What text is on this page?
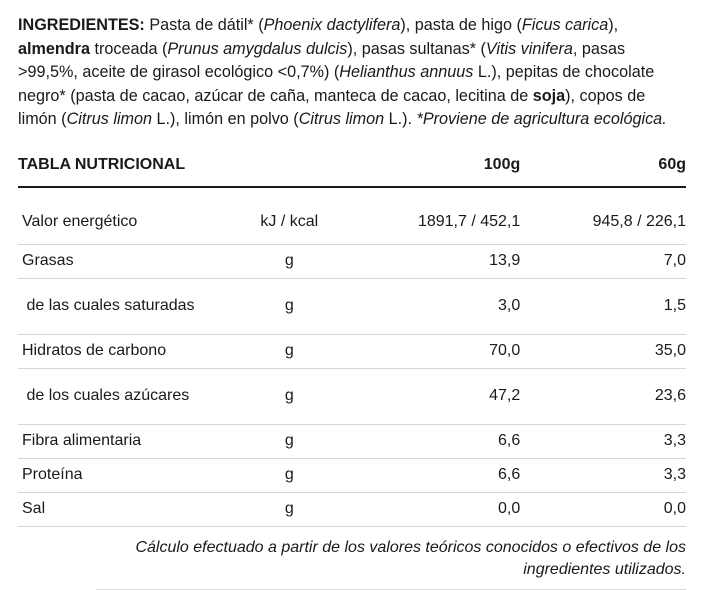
INGREDIENTES: Pasta de dátil* (Phoenix dactylifera), pasta de higo (Ficus carica), almendra troceada (Prunus amygdalus dulcis), pasas sultanas* (Vitis vinifera, pasas >99,5%, aceite de girasol ecológico <0,7%) (Helianthus annuus L.), pepitas de chocolate negro* (pasta de cacao, azúcar de caña, manteca de cacao, lecitina de soja), copos de limón (Citrus limon L.), limón en polvo (Citrus limon L.). *Proviene de agricultura ecológica.

TABLA NUTRICIONAL		100g	60g
Valor energético	kJ / kcal	1891,7 / 452,1	945,8 / 226,1
Grasas	g	13,9	7,0
de las cuales saturadas	g	3,0	1,5
Hidratos de carbono	g	70,0	35,0
de los cuales azúcares	g	47,2	23,6
Fibra alimentaria	g	6,6	3,3
Proteína	g	6,6	3,3
Sal	g	0,0	0,0

Cálculo efectuado a partir de los valores teóricos conocidos o efectivos de los ingredientes utilizados.
